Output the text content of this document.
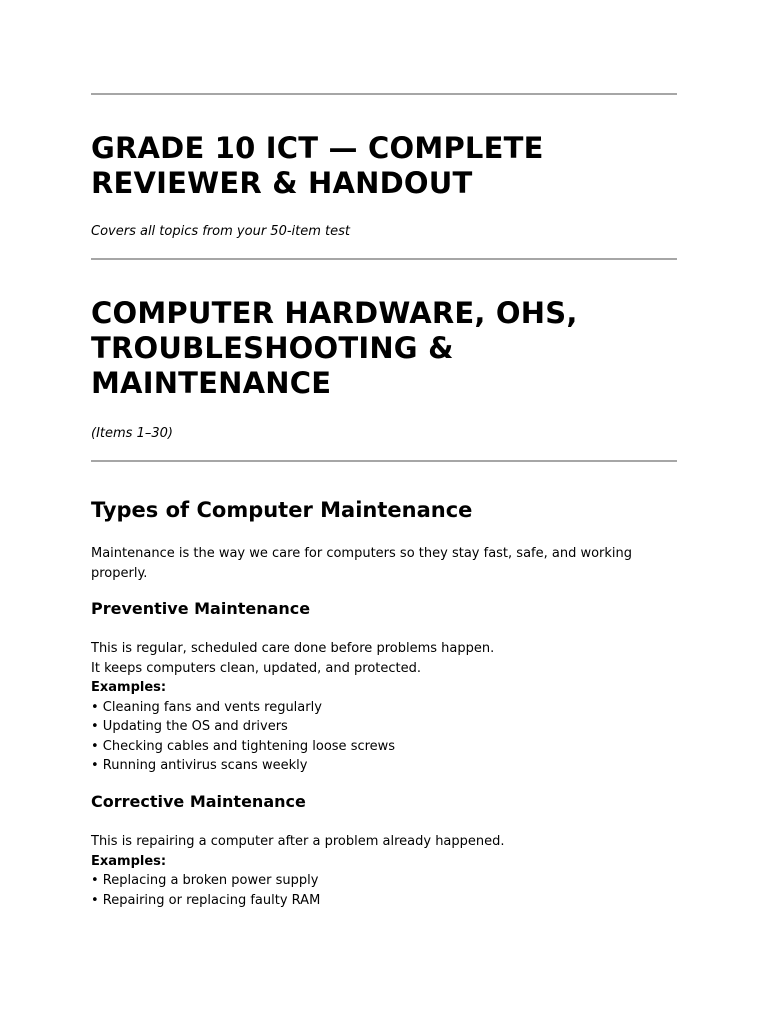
GRADE 10 ICT — COMPLETE REVIEWER & HANDOUT

Covers all topics from your 50-item test

COMPUTER HARDWARE, OHS, TROUBLESHOOTING & MAINTENANCE

(Items 1–30)

Types of Computer Maintenance

Maintenance is the way we care for computers so they stay fast, safe, and working properly.

Preventive Maintenance
This is regular, scheduled care done before problems happen.
It keeps computers clean, updated, and protected.
Examples:
• Cleaning fans and vents regularly
• Updating the OS and drivers
• Checking cables and tightening loose screws
• Running antivirus scans weekly
Corrective Maintenance
This is repairing a computer after a problem already happened.
Examples:
• Replacing a broken power supply
• Repairing or replacing faulty RAM
